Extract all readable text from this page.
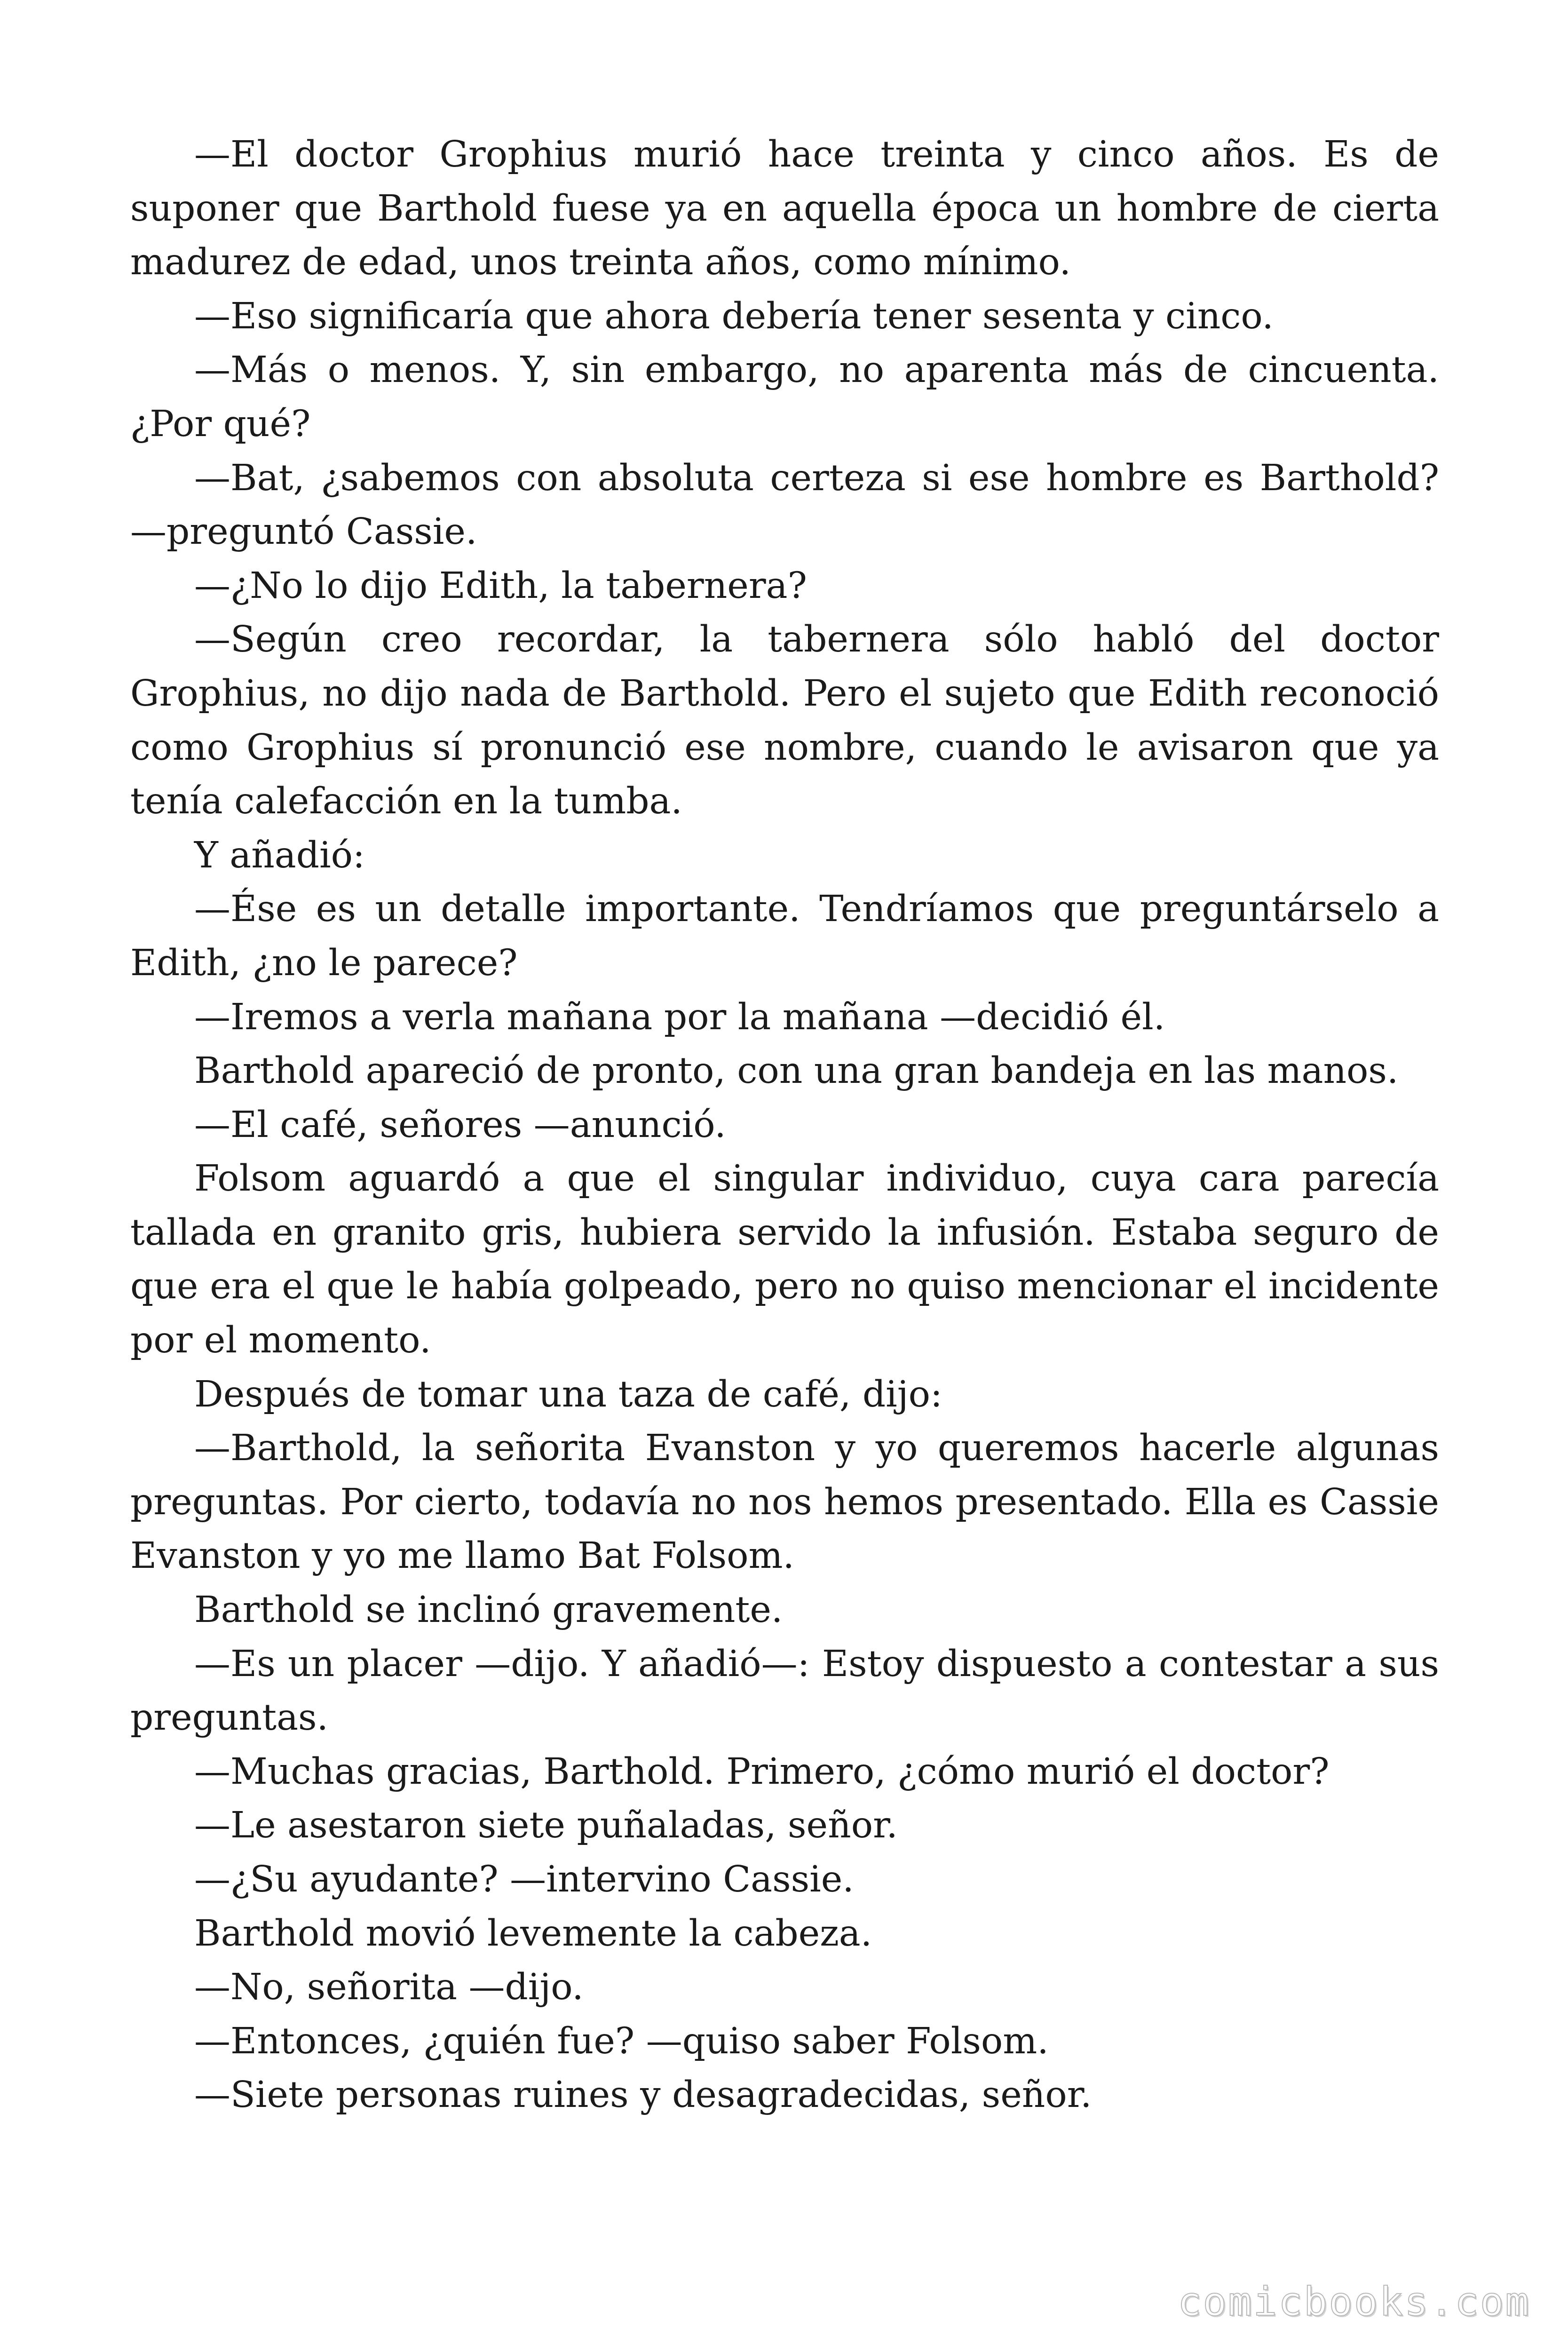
—El doctor Grophius murió hace treinta y cinco años. Es de suponer que Barthold fuese ya en aquella época un hombre de cierta madurez de edad, unos treinta años, como mínimo.

—Eso significaría que ahora debería tener sesenta y cinco.

—Más o menos. Y, sin embargo, no aparenta más de cincuenta. ¿Por qué?

—Bat, ¿sabemos con absoluta certeza si ese hombre es Barthold? —preguntó Cassie.

—¿No lo dijo Edith, la tabernera?

—Según creo recordar, la tabernera sólo habló del doctor Grophius, no dijo nada de Barthold. Pero el sujeto que Edith reconoció como Grophius sí pronunció ese nombre, cuando le avisaron que ya tenía calefacción en la tumba.

Y añadió:

—Ése es un detalle importante. Tendríamos que preguntárselo a Edith, ¿no le parece?

—Iremos a verla mañana por la mañana —decidió él.

Barthold apareció de pronto, con una gran bandeja en las manos.

—El café, señores —anunció.

Folsom aguardó a que el singular individuo, cuya cara parecía tallada en granito gris, hubiera servido la infusión. Estaba seguro de que era el que le había golpeado, pero no quiso mencionar el incidente por el momento.

Después de tomar una taza de café, dijo:

—Barthold, la señorita Evanston y yo queremos hacerle algunas preguntas. Por cierto, todavía no nos hemos presentado. Ella es Cassie Evanston y yo me llamo Bat Folsom.

Barthold se inclinó gravemente.

—Es un placer —dijo. Y añadió—: Estoy dispuesto a contestar a sus preguntas.

—Muchas gracias, Barthold. Primero, ¿cómo murió el doctor?

—Le asestaron siete puñaladas, señor.

—¿Su ayudante? —intervino Cassie.

Barthold movió levemente la cabeza.

—No, señorita —dijo.

—Entonces, ¿quién fue? —quiso saber Folsom.

—Siete personas ruines y desagradecidas, señor.

comicbooks.com
